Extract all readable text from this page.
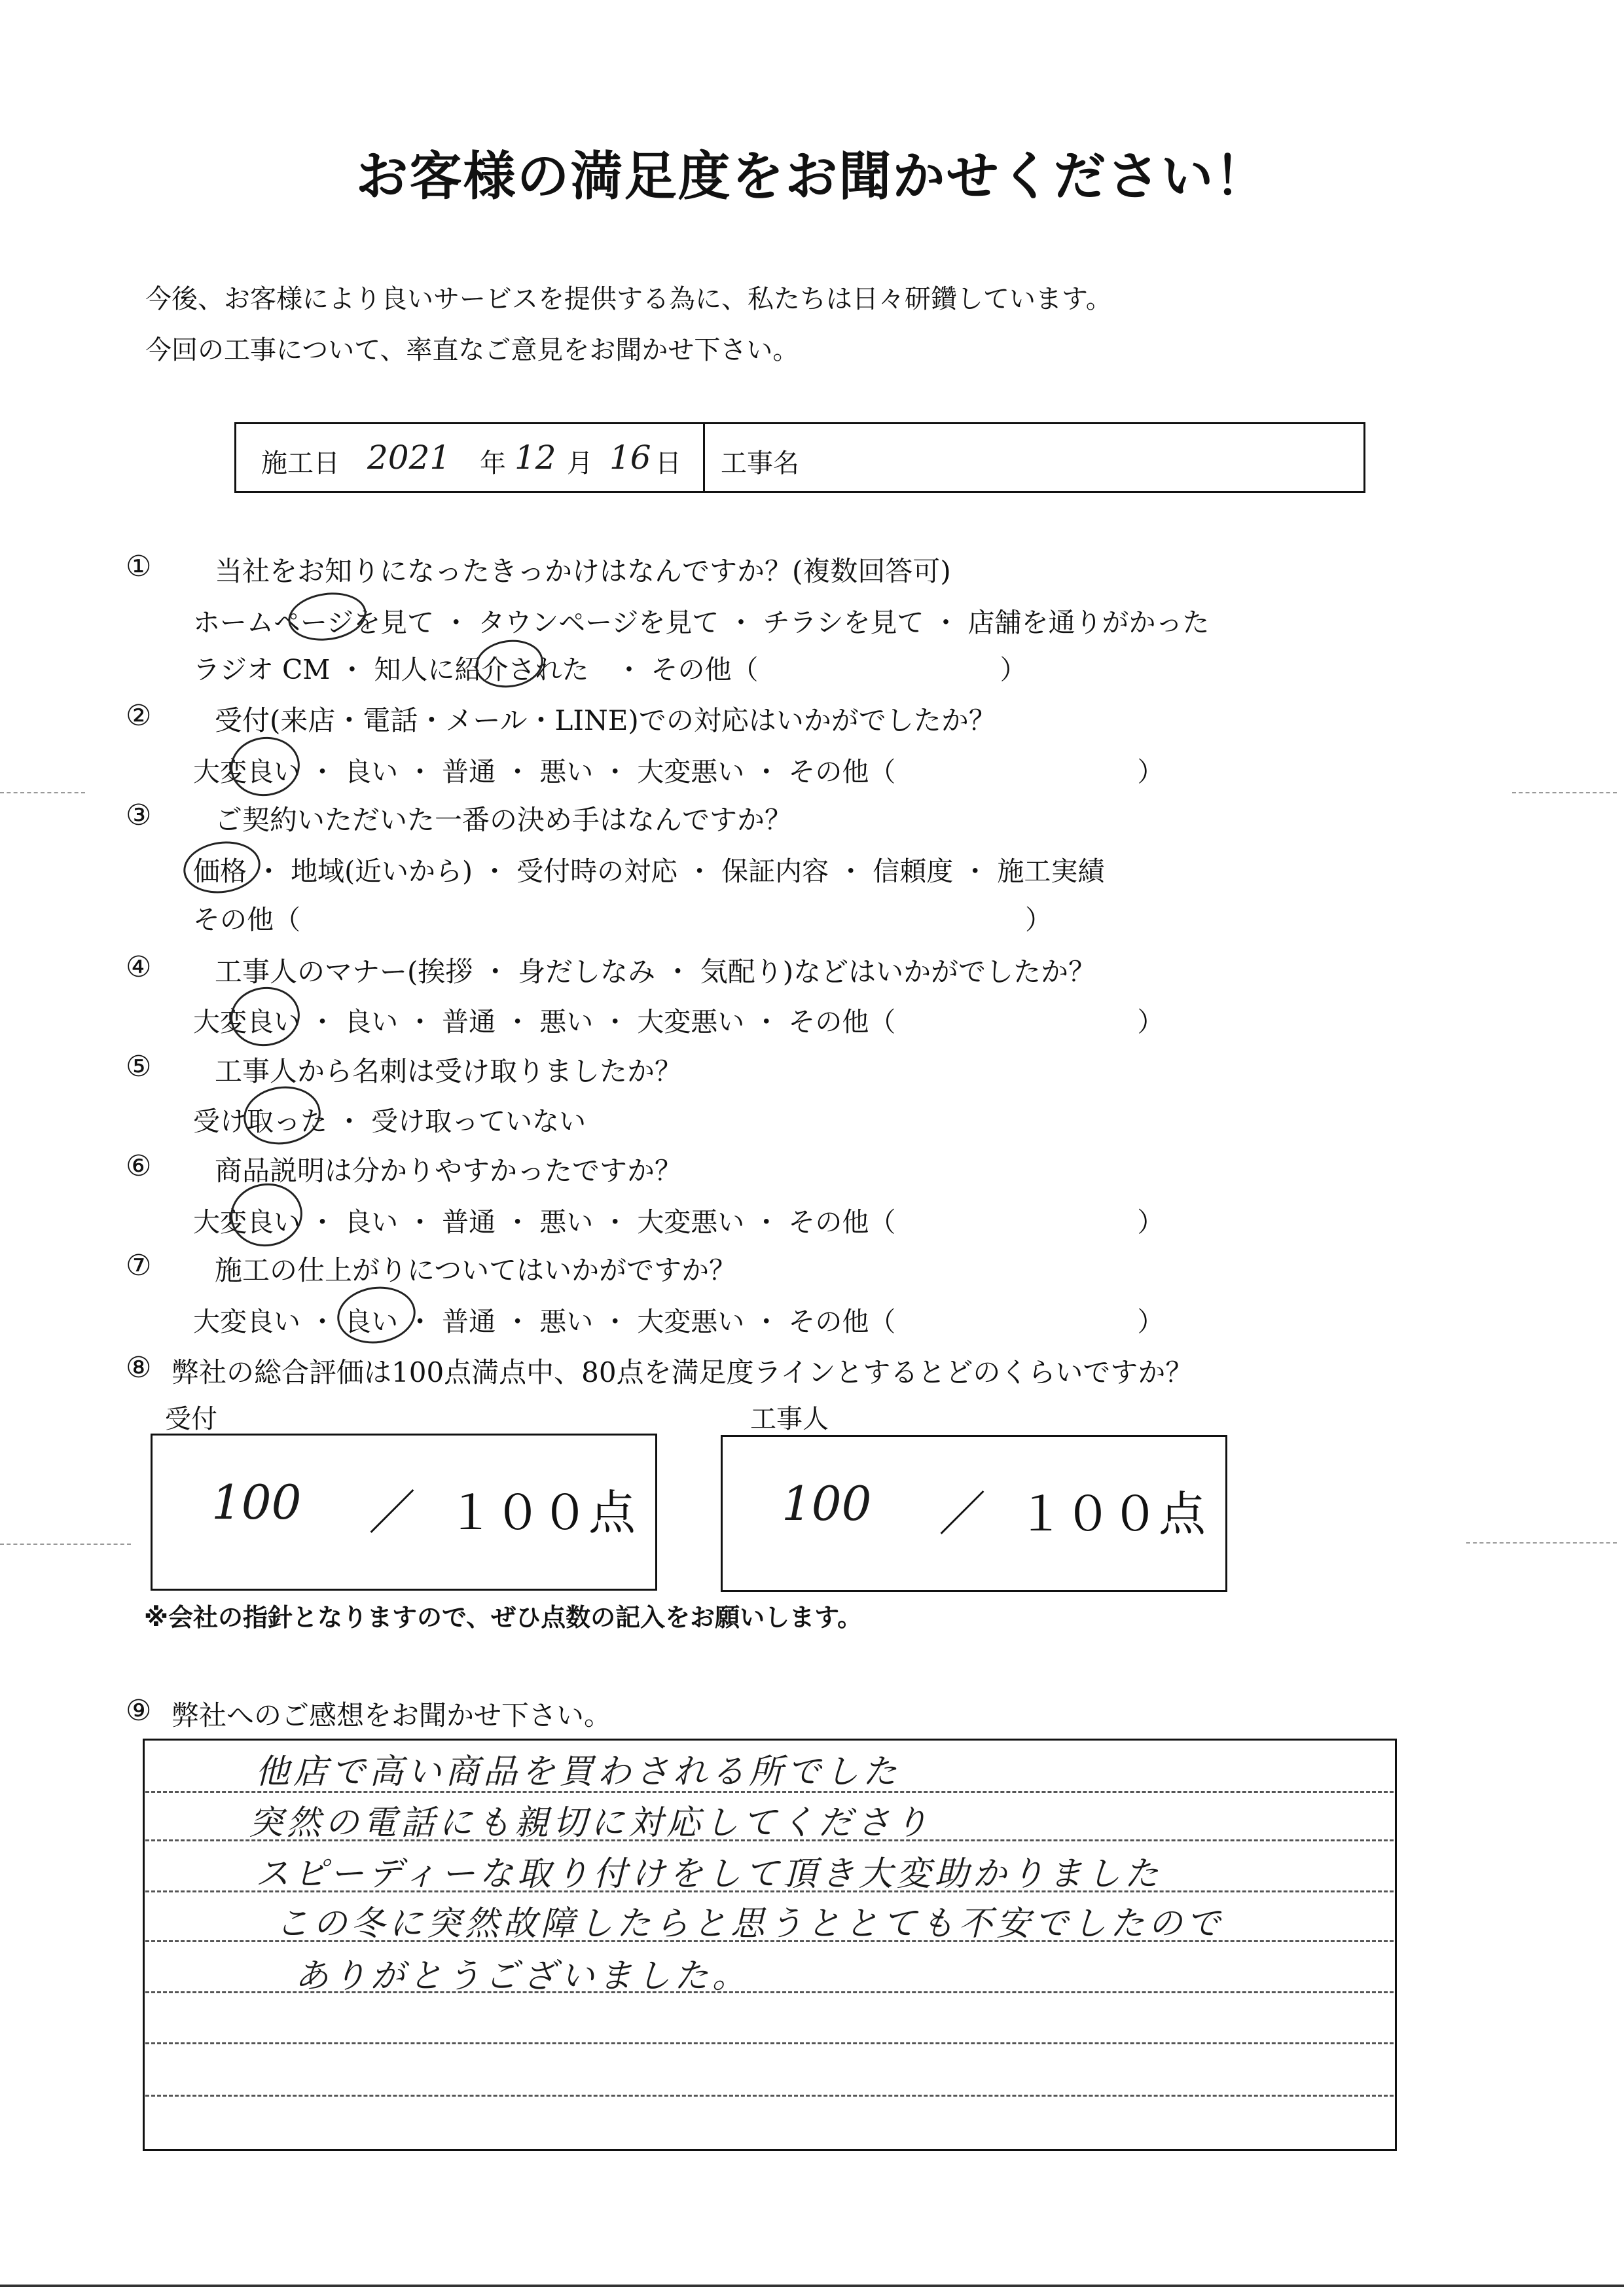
お客様の満足度をお聞かせください！
今後、お客様により良いサービスを提供する為に、私たちは日々研鑽しています。
今回の工事について、率直なご意見をお聞かせ下さい。
施工日 2021 年 12 月 16 日 工事名
① 当社をお知りになったきっかけはなんですか？(複数回答可)
ホームページを見て ・ タウンページを見て ・ チラシを見て ・ 店舗を通りがかった
ラジオ CM ・ 知人に紹介された　・ その他（　　　　　　　　　）
② 受付(来店・電話・メール・LINE)での対応はいかがでしたか？
大変良い ・ 良い ・ 普通 ・ 悪い ・ 大変悪い ・ その他（　　　　　　　　　）
③ ご契約いただいた一番の決め手はなんですか？
価格 ・ 地域(近いから) ・ 受付時の対応 ・ 保証内容 ・ 信頼度 ・ 施工実績
その他（　　　　　　　　　　　　　　　　　　　　　　　　　　　）
④ 工事人のマナー(挨拶 ・ 身だしなみ ・ 気配り)などはいかがでしたか？
大変良い ・ 良い ・ 普通 ・ 悪い ・ 大変悪い ・ その他（　　　　　　　　　）
⑤ 工事人から名刺は受け取りましたか？
受け取った ・ 受け取っていない
⑥ 商品説明は分かりやすかったですか？
大変良い ・ 良い ・ 普通 ・ 悪い ・ 大変悪い ・ その他（　　　　　　　　　）
⑦ 施工の仕上がりについてはいかがですか？
大変良い ・ 良い ・ 普通 ・ 悪い ・ 大変悪い ・ その他（　　　　　　　　　）
⑧ 弊社の総合評価は100点満点中、80点を満足度ラインとするとどのくらいですか？
受付
100 ／ １００点
工事人
100 ／ １００点
※会社の指針となりますので、ぜひ点数の記入をお願いします。
⑨ 弊社へのご感想をお聞かせ下さい。
他店で高い商品を買わされる所でした
突然の電話にも親切に対応してくださり
スピーディーな取り付けをして頂き大変助かりました
この冬に突然故障したらと思うととても不安でしたので
ありがとうございました。
